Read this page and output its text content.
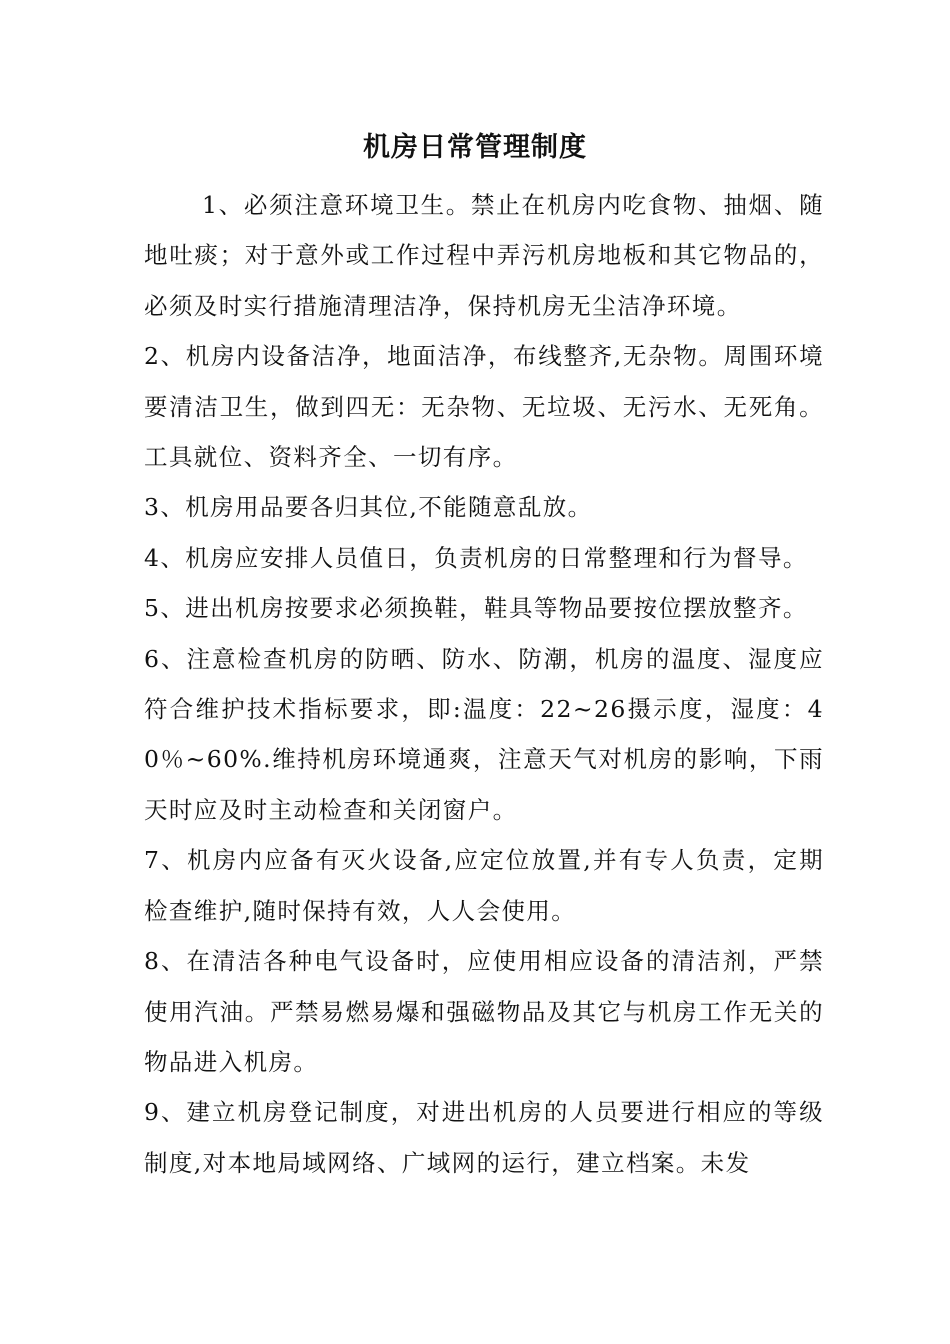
机房日常管理制度

1、必须注意环境卫生。禁止在机房内吃食物、抽烟、随地吐痰；对于意外或工作过程中弄污机房地板和其它物品的，必须及时实行措施清理洁净，保持机房无尘洁净环境。

2、机房内设备洁净，地面洁净，布线整齐,无杂物。周围环境要清洁卫生，做到四无：无杂物、无垃圾、无污水、无死角。工具就位、资料齐全、一切有序。

3、机房用品要各归其位,不能随意乱放。

4、机房应安排人员值日，负责机房的日常整理和行为督导。

5、进出机房按要求必须换鞋，鞋具等物品要按位摆放整齐。

6、注意检查机房的防晒、防水、防潮，机房的温度、湿度应符合维护技术指标要求，即:温度：22~26摄示度，湿度：40％~60%.维持机房环境通爽，注意天气对机房的影响，下雨天时应及时主动检查和关闭窗户。

7、机房内应备有灭火设备,应定位放置,并有专人负责，定期检查维护,随时保持有效，人人会使用。

8、在清洁各种电气设备时，应使用相应设备的清洁剂，严禁使用汽油。严禁易燃易爆和强磁物品及其它与机房工作无关的物品进入机房。

9、建立机房登记制度，对进出机房的人员要进行相应的等级制度,对本地局域网络、广域网的运行，建立档案。未发
